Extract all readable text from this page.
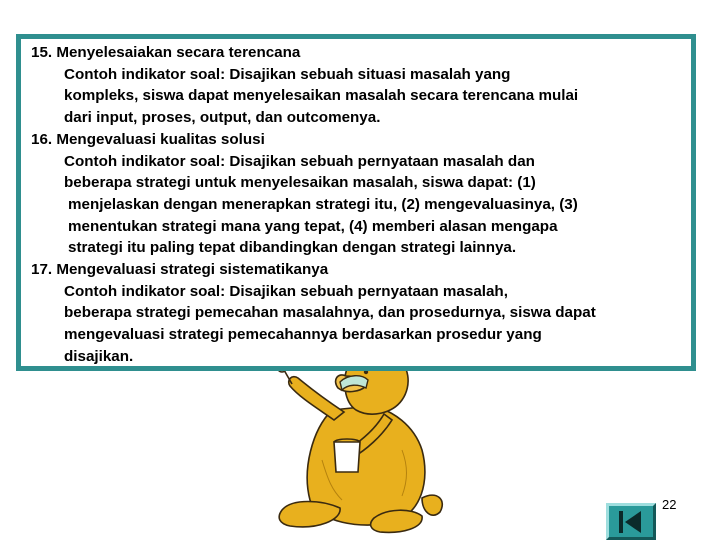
15. Menyelesaiakan secara terencana
Contoh indikator soal: Disajikan sebuah situasi masalah yang
kompleks, siswa dapat menyelesaikan masalah secara terencana mulai
dari input, proses, output, dan outcomenya.
16. Mengevaluasi kualitas solusi
Contoh indikator soal: Disajikan sebuah pernyataan masalah dan
beberapa strategi untuk menyelesaikan masalah, siswa dapat: (1)
menjelaskan dengan menerapkan strategi itu, (2) mengevaluasinya, (3)
menentukan strategi mana yang tepat, (4) memberi alasan mengapa
strategi itu paling tepat dibandingkan dengan strategi lainnya.
17. Mengevaluasi strategi sistematikanya
Contoh indikator soal: Disajikan sebuah pernyataan masalah,
beberapa strategi pemecahan masalahnya, dan prosedurnya, siswa dapat
mengevaluasi strategi pemecahannya berdasarkan prosedur yang
disajikan.
22
